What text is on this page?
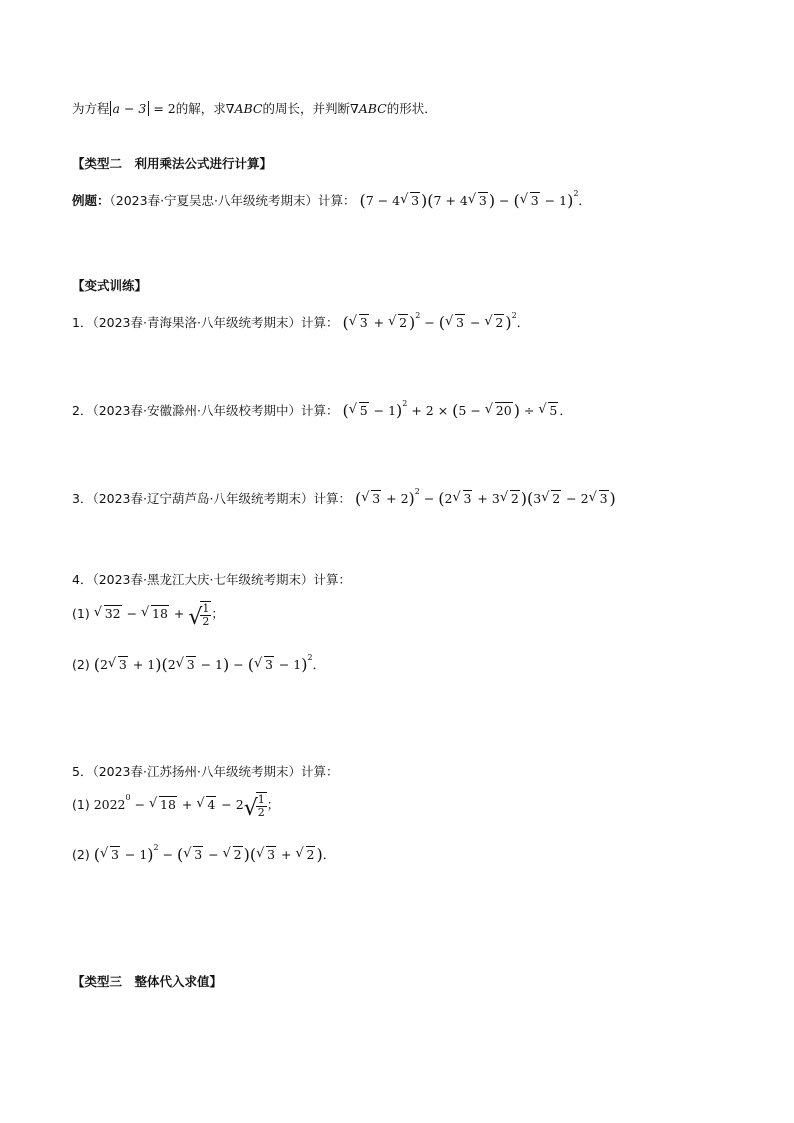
为方程 a − 3 = 2的解，求∇ABC的周长，并判断∇ABC的形状．
【类型二　利用乘法公式进行计算】
例题：（2023春·宁夏吴忠·八年级统考期末）计算： (7 − 4 √ 3 )(7 + 4 √ 3 ) − ( √ 3 − 1)$^2$．
【变式训练】
1．（2023春·青海果洛·八年级统考期末）计算： ( √ 3 + √ 2 )$^2$ − ( √ 3 − √ 2 )$^2$．
2．（2023春·安徽滁州·八年级校考期中）计算： ( √ 5 − 1)$^2$ + 2 × (5 − √ 20 ) ÷ √ 5 ．
3．（2023春·辽宁葫芦岛·八年级统考期末）计算： ( √ 3 + 2)$^2$ − (2 √ 3 + 3 √ 2 )(3 √ 2 − 2 √ 3 )
4．（2023春·黑龙江大庆·七年级统考期末）计算：
(1) √ 32 − √ 18 + √ $\frac{1}{2}$ ；
(2) (2 √ 3 + 1)(2 √ 3 − 1) − ( √ 3 − 1)$^2$．
5．（2023春·江苏扬州·八年级统考期末）计算：
(1) $2022^0$ − √ 18 + √ 4 − 2 √ $\frac{1}{2}$ ；
(2) ( √ 3 − 1)$^2$ − ( √ 3 − √ 2 )( √ 3 + √ 2 )．
【类型三　整体代入求值】
